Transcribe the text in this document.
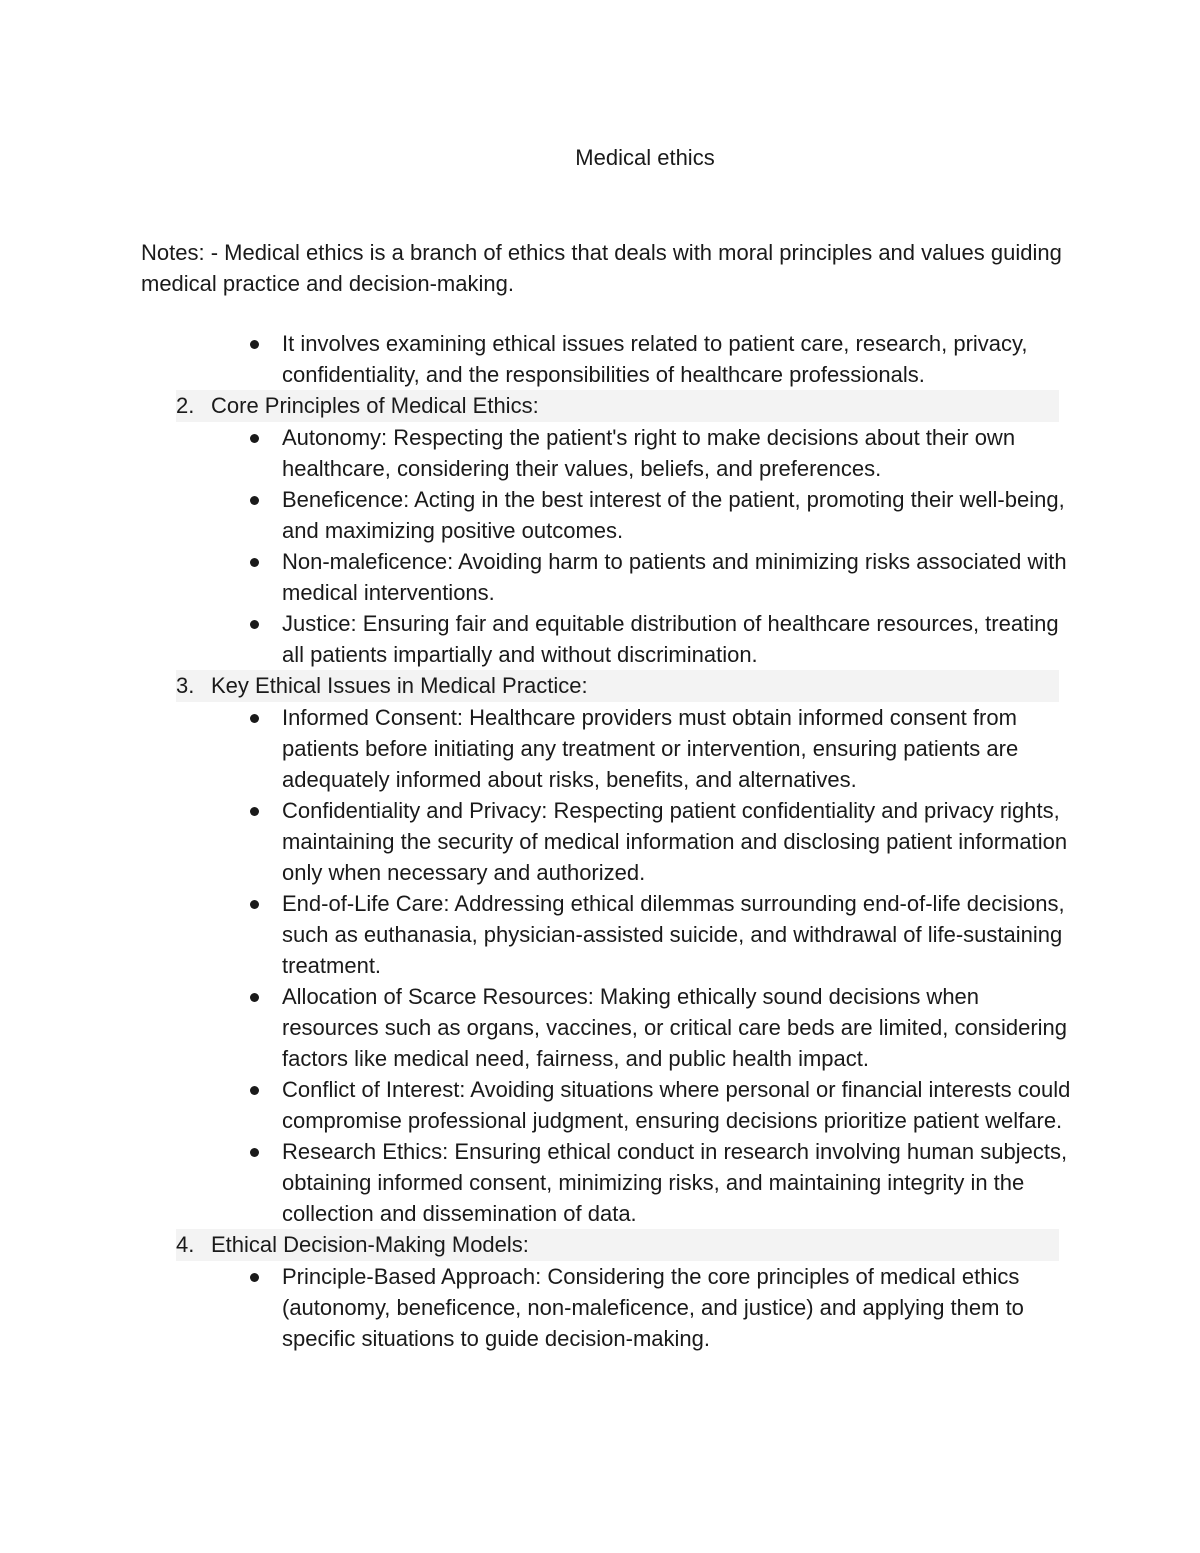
Medical ethics
Notes: - Medical ethics is a branch of ethics that deals with moral principles and values guiding medical practice and decision-making.
It involves examining ethical issues related to patient care, research, privacy, confidentiality, and the responsibilities of healthcare professionals.
2. Core Principles of Medical Ethics:
Autonomy: Respecting the patient's right to make decisions about their own healthcare, considering their values, beliefs, and preferences.
Beneficence: Acting in the best interest of the patient, promoting their well-being, and maximizing positive outcomes.
Non-maleficence: Avoiding harm to patients and minimizing risks associated with medical interventions.
Justice: Ensuring fair and equitable distribution of healthcare resources, treating all patients impartially and without discrimination.
3. Key Ethical Issues in Medical Practice:
Informed Consent: Healthcare providers must obtain informed consent from patients before initiating any treatment or intervention, ensuring patients are adequately informed about risks, benefits, and alternatives.
Confidentiality and Privacy: Respecting patient confidentiality and privacy rights, maintaining the security of medical information and disclosing patient information only when necessary and authorized.
End-of-Life Care: Addressing ethical dilemmas surrounding end-of-life decisions, such as euthanasia, physician-assisted suicide, and withdrawal of life-sustaining treatment.
Allocation of Scarce Resources: Making ethically sound decisions when resources such as organs, vaccines, or critical care beds are limited, considering factors like medical need, fairness, and public health impact.
Conflict of Interest: Avoiding situations where personal or financial interests could compromise professional judgment, ensuring decisions prioritize patient welfare.
Research Ethics: Ensuring ethical conduct in research involving human subjects, obtaining informed consent, minimizing risks, and maintaining integrity in the collection and dissemination of data.
4. Ethical Decision-Making Models:
Principle-Based Approach: Considering the core principles of medical ethics (autonomy, beneficence, non-maleficence, and justice) and applying them to specific situations to guide decision-making.
